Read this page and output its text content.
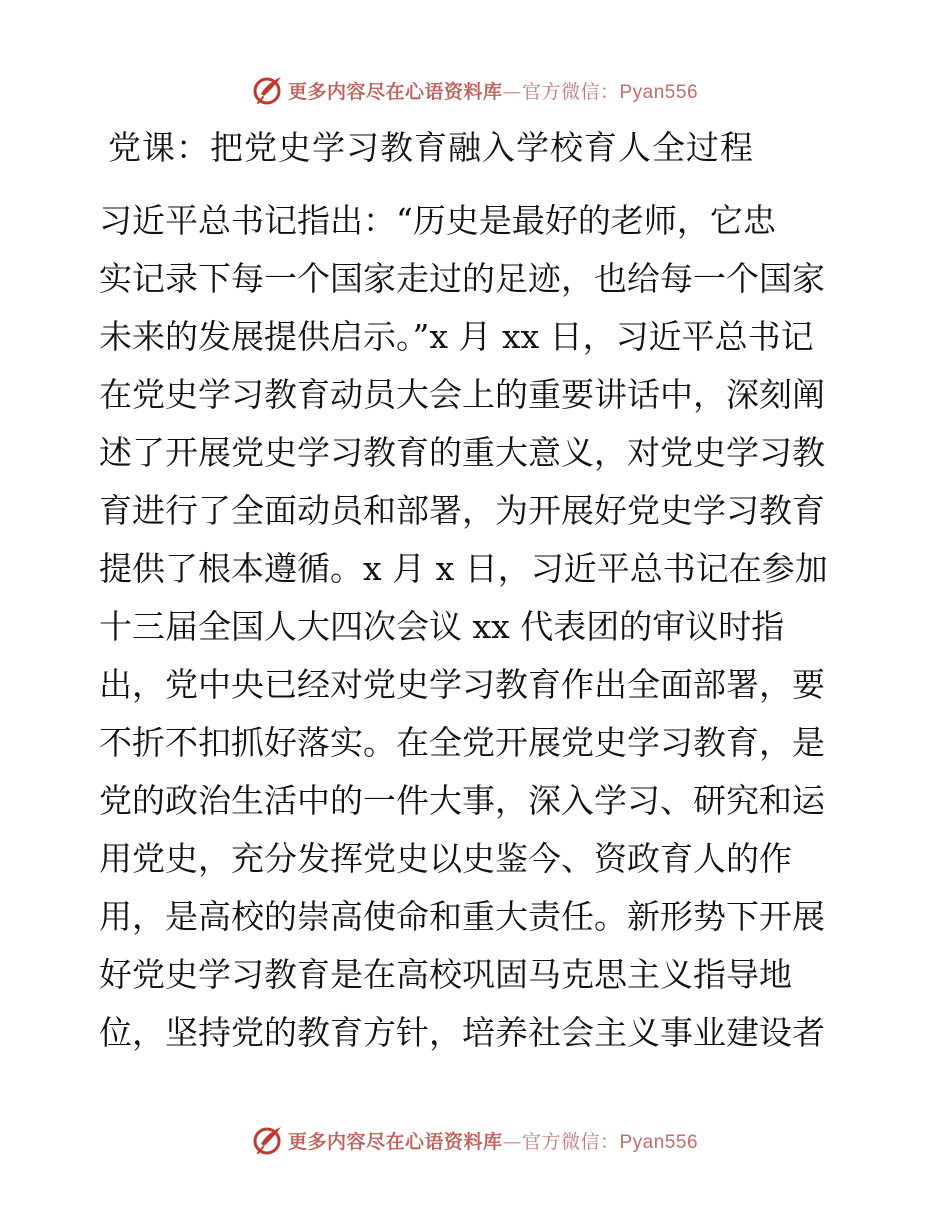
更多内容尽在心语资料库—官方微信：Pyan556
党课：把党史学习教育融入学校育人全过程
习近平总书记指出：“历史是最好的老师，它忠
实记录下每一个国家走过的足迹，也给每一个国家
未来的发展提供启示。”x 月 xx 日，习近平总书记
在党史学习教育动员大会上的重要讲话中，深刻阐
述了开展党史学习教育的重大意义，对党史学习教
育进行了全面动员和部署，为开展好党史学习教育
提供了根本遵循。x 月 x 日，习近平总书记在参加
十三届全国人大四次会议 xx 代表团的审议时指
出，党中央已经对党史学习教育作出全面部署，要
不折不扣抓好落实。在全党开展党史学习教育，是
党的政治生活中的一件大事，深入学习、研究和运
用党史，充分发挥党史以史鉴今、资政育人的作
用，是高校的崇高使命和重大责任。新形势下开展
好党史学习教育是在高校巩固马克思主义指导地
位，坚持党的教育方针，培养社会主义事业建设者
更多内容尽在心语资料库—官方微信：Pyan556
